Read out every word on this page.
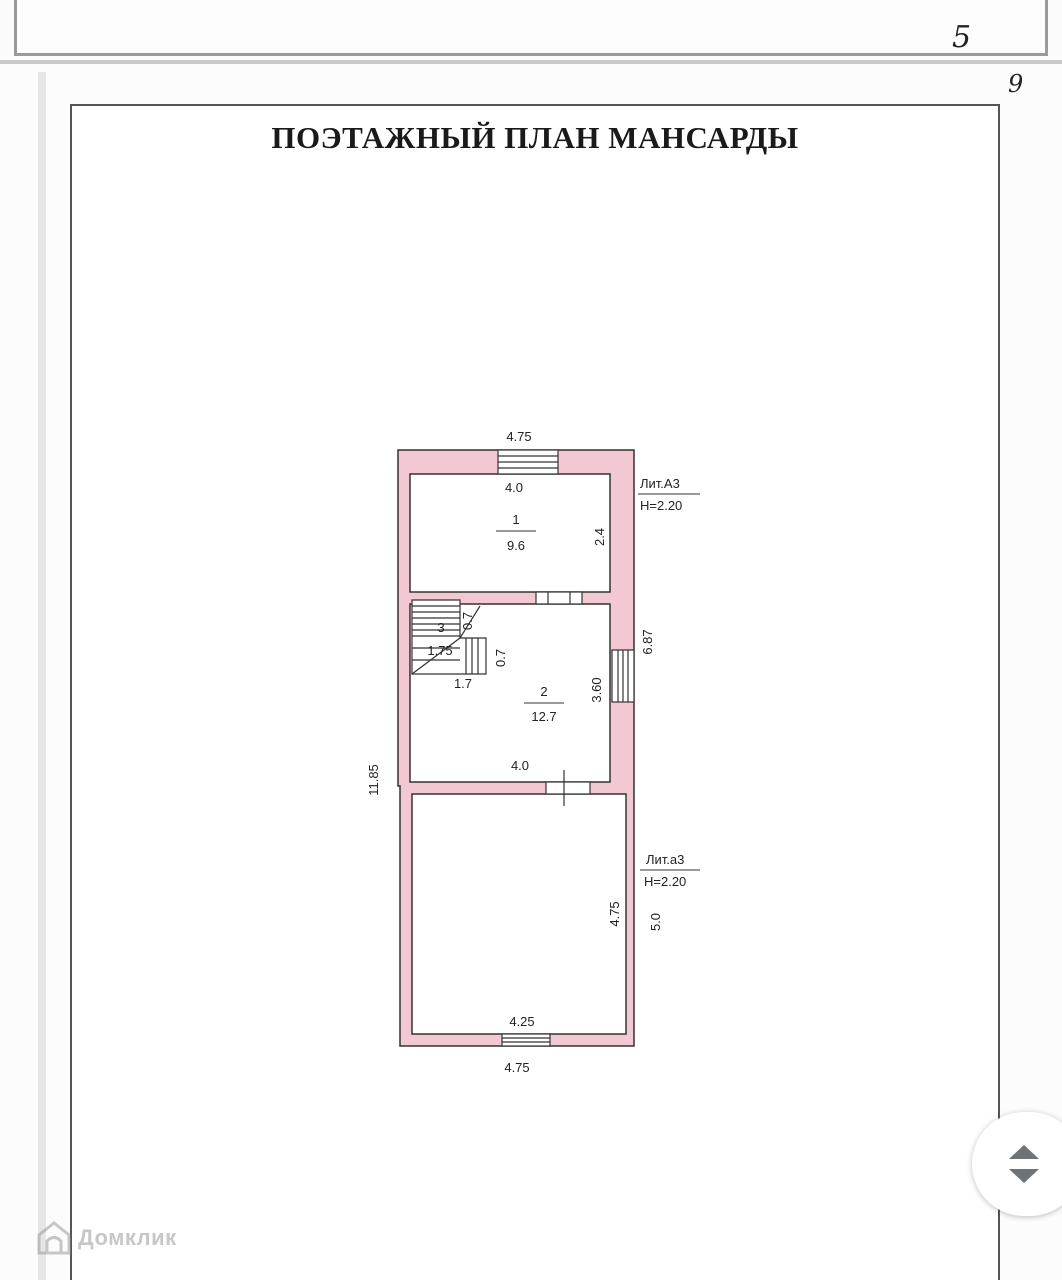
5
9
ПОЭТАЖНЫЙ ПЛАН МАНСАРДЫ
4.75
4.0
1
9.6	2.4
Лит.А3
H=2.20
3
1.75
0.7
0.7
1.7
6.87
2
12.7
3.60
4.0
11.85
Лит.а3
H=2.20
4.75 5.0
4.25
4.75
Домклик
